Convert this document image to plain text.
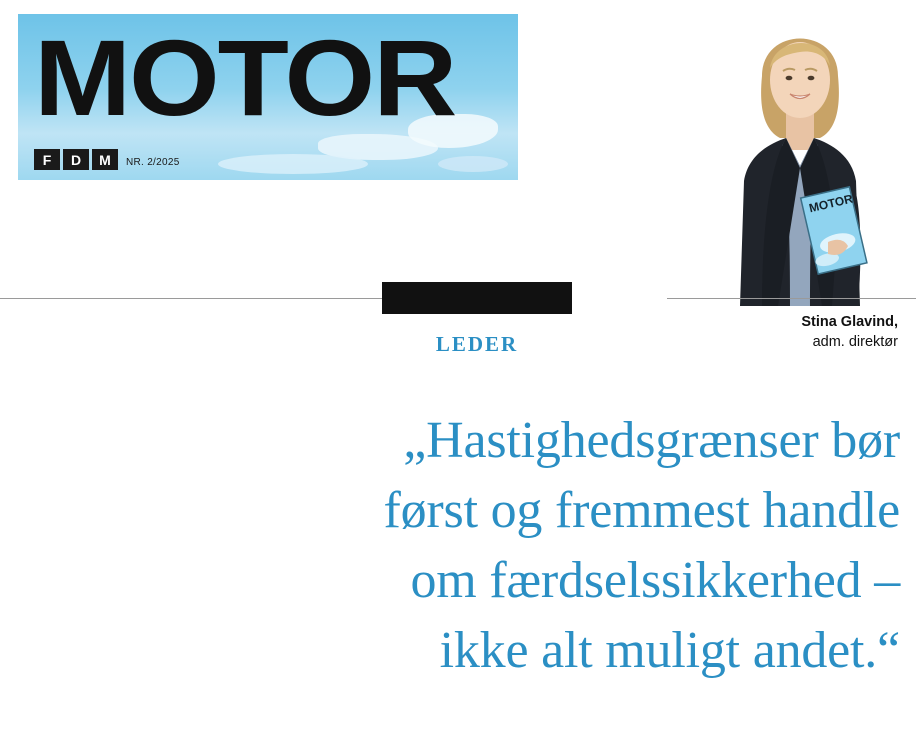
MOTOR
F	D	M	NR. 2/2025
MOTOR
LEDER
Stina Glavind,
adm. direktør
„Hastighedsgrænser bør
først og fremmest handle
om færdselssikkerhed –
ikke alt muligt andet.“
